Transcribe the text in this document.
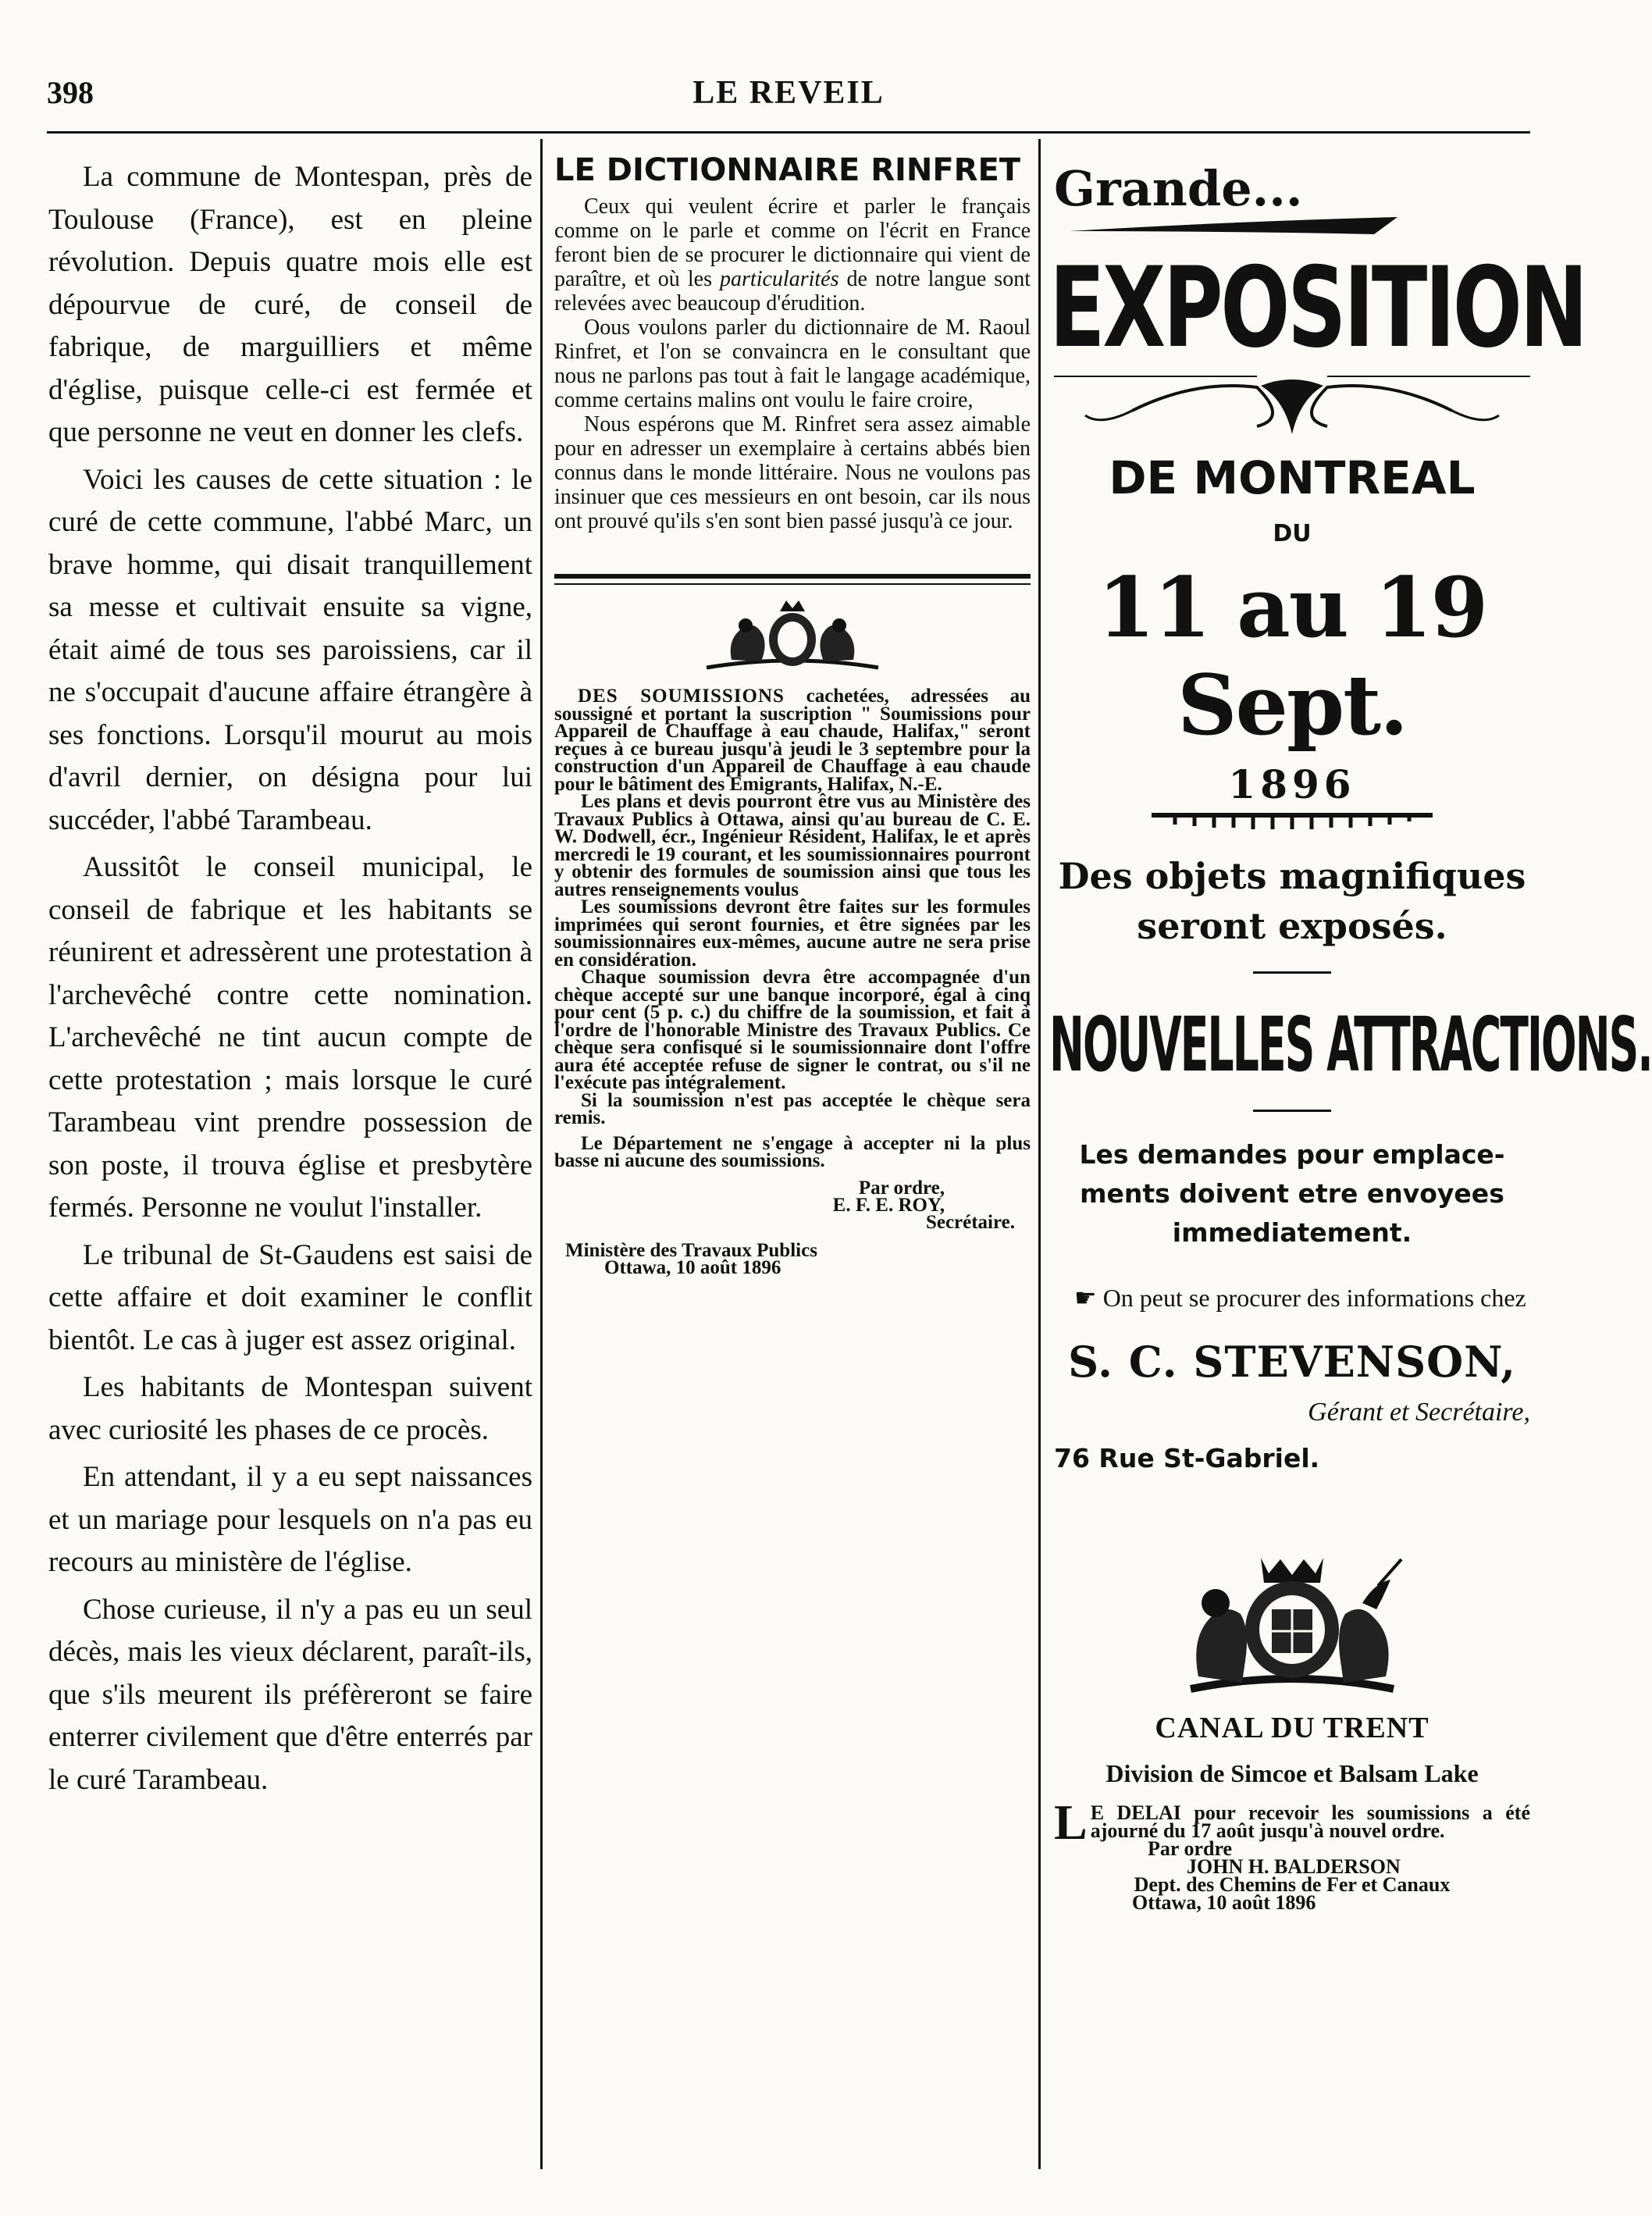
398	LE REVEIL

La commune de Montespan, près de Toulouse (France), est en pleine révolution. Depuis quatre mois elle est dépourvue de curé, de conseil de fabrique, de marguilliers et même d'église, puisque celle-ci est fermée et que personne ne veut en donner les clefs.

Voici les causes de cette situation : le curé de cette commune, l'abbé Marc, un brave homme, qui disait tranquillement sa messe et cultivait ensuite sa vigne, était aimé de tous ses paroissiens, car il ne s'occupait d'aucune affaire étrangère à ses fonctions. Lorsqu'il mourut au mois d'avril dernier, on désigna pour lui succéder, l'abbé Tarambeau.

Aussitôt le conseil municipal, le conseil de fabrique et les habitants se réunirent et adressèrent une protestation à l'archevêché contre cette nomination. L'archevêché ne tint aucun compte de cette protestation ; mais lorsque le curé Tarambeau vint prendre possession de son poste, il trouva église et presbytère fermés. Personne ne voulut l'installer.

Le tribunal de St-Gaudens est saisi de cette affaire et doit examiner le conflit bientôt. Le cas à juger est assez original.

Les habitants de Montespan suivent avec curiosité les phases de ce procès.

En attendant, il y a eu sept naissances et un mariage pour lesquels on n'a pas eu recours au ministère de l'église.

Chose curieuse, il n'y a pas eu un seul décès, mais les vieux déclarent, paraît-ils, que s'ils meurent ils préfèreront se faire enterrer civilement que d'être enterrés par le curé Tarambeau.

LE DICTIONNAIRE RINFRET

Ceux qui veulent écrire et parler le français comme on le parle et comme on l'écrit en France feront bien de se procurer le dictionnaire qui vient de paraître, et où les particularités de notre langue sont relevées avec beaucoup d'érudition.

Oous voulons parler du dictionnaire de M. Raoul Rinfret, et l'on se convaincra en le consultant que nous ne parlons pas tout à fait le langage académique, comme certains malins ont voulu le faire croire,

Nous espérons que M. Rinfret sera assez aimable pour en adresser un exemplaire à certains abbés bien connus dans le monde littéraire. Nous ne voulons pas insinuer que ces messieurs en ont besoin, car ils nous ont prouvé qu'ils s'en sont bien passé jusqu'à ce jour.

DES SOUMISSIONS cachetées, adressées au soussigné et portant la suscription " Soumissions pour Appareil de Chauffage à eau chaude, Halifax," seront reçues à ce bureau jusqu'à jeudi le 3 septembre pour la construction d'un Appareil de Chauffage à eau chaude pour le bâtiment des Emigrants, Halifax, N.-E.

Les plans et devis pourront être vus au Ministère des Travaux Publics à Ottawa, ainsi qu'au bureau de C. E. W. Dodwell, écr., Ingénieur Résident, Halifax, le et après mercredi le 19 courant, et les soumissionnaires pourront y obtenir des formules de soumission ainsi que tous les autres renseignements voulus

Les soumissions devront être faites sur les formules imprimées qui seront fournies, et être signées par les soumissionnaires eux-mêmes, aucune autre ne sera prise en considération.

Chaque soumission devra être accompagnée d'un chèque accepté sur une banque incorporé, égal à cinq pour cent (5 p. c.) du chiffre de la soumission, et fait à l'ordre de l'honorable Ministre des Travaux Publics. Ce chèque sera confisqué si le soumissionnaire dont l'offre aura été acceptée refuse de signer le contrat, ou s'il ne l'exécute pas intégralement.

Si la soumission n'est pas acceptée le chèque sera remis.

Le Département ne s'engage à accepter ni la plus basse ni aucune des soumissions.

Par ordre,
E. F. E. ROY,
Secrétaire.
Ministère des Travaux Publics
Ottawa, 10 août 1896
Grande...
EXPOSITION
DE MONTREAL
DU
11 au 19 Sept.
1896
Des objets magnifiques
seront exposés.
NOUVELLES ATTRACTIONS.
Les demandes pour emplace-
ments doivent etre envoyees
immediatement.
☛ On peut se procurer des informations chez
S. C. STEVENSON,
Gérant et Secrétaire,
76 Rue St-Gabriel.
CANAL DU TRENT
Division de Simcoe et Balsam Lake
L E DELAI pour recevoir les soumissions a été ajourné du 17 août jusqu'à nouvel ordre.
Par ordre
JOHN H. BALDERSON
Dept. des Chemins de Fer et Canaux
Ottawa, 10 août 1896
